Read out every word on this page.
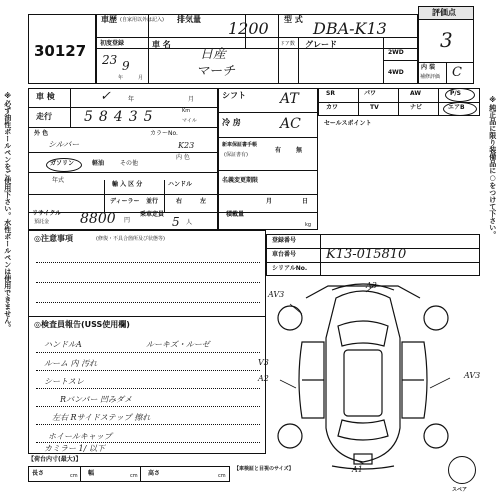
※必ず油性ボールペンをご使用下さい。水性ボールペンは使用できません。	※純正品に限り装備品に○をつけて下さい。
30127
車歴 (自家用以外は記入) 排気量 1200 型 式 DBA-K13
初度登録
23 9
年	月
車 名
日産
マーチ
ドア数 グレード
2WD
4WD
評価点
3
内 装
補修評価 C
車 検	✓	年	月
走行 58435	Km
マイル
外 色
シルバー
カラーNo.
K23
内 色
ガソリン	軽油	その他
年式
輸 入 区 分	ハンドル
ディーラー 並行	右	左
リサイクル
預託金 8800 円
シフト AT
冷 房	AC
新車保証書手帳
(保証書有)
有 無
名義変更期限
月	日
乗車定員
5 人
積載量
kg
SR	パワ	AW	P/S
カワ	TV	ナビ	エアB
セールスポイント
登録番号
車台番号 K13-015810
シリアルNo.
◎注意事項	(修復・不具合箇所及び状態等)
◎検査員報告(USS使用欄)
ハンドルA	ルーキズ・ルーゼ
ルーム 内 汚れ
シートスレ
Rバンパー 凹みダメ
左右 Rサイドステップ 擦れ
ホイールキャップ
カミラー 1/ 以下
A3
AV3
V3
A2	AV3
A1
スペア
【荷台内寸(最大)】
長さ	cm 幅	cm 高さ	cm
【車検証と目視のサイズ】
